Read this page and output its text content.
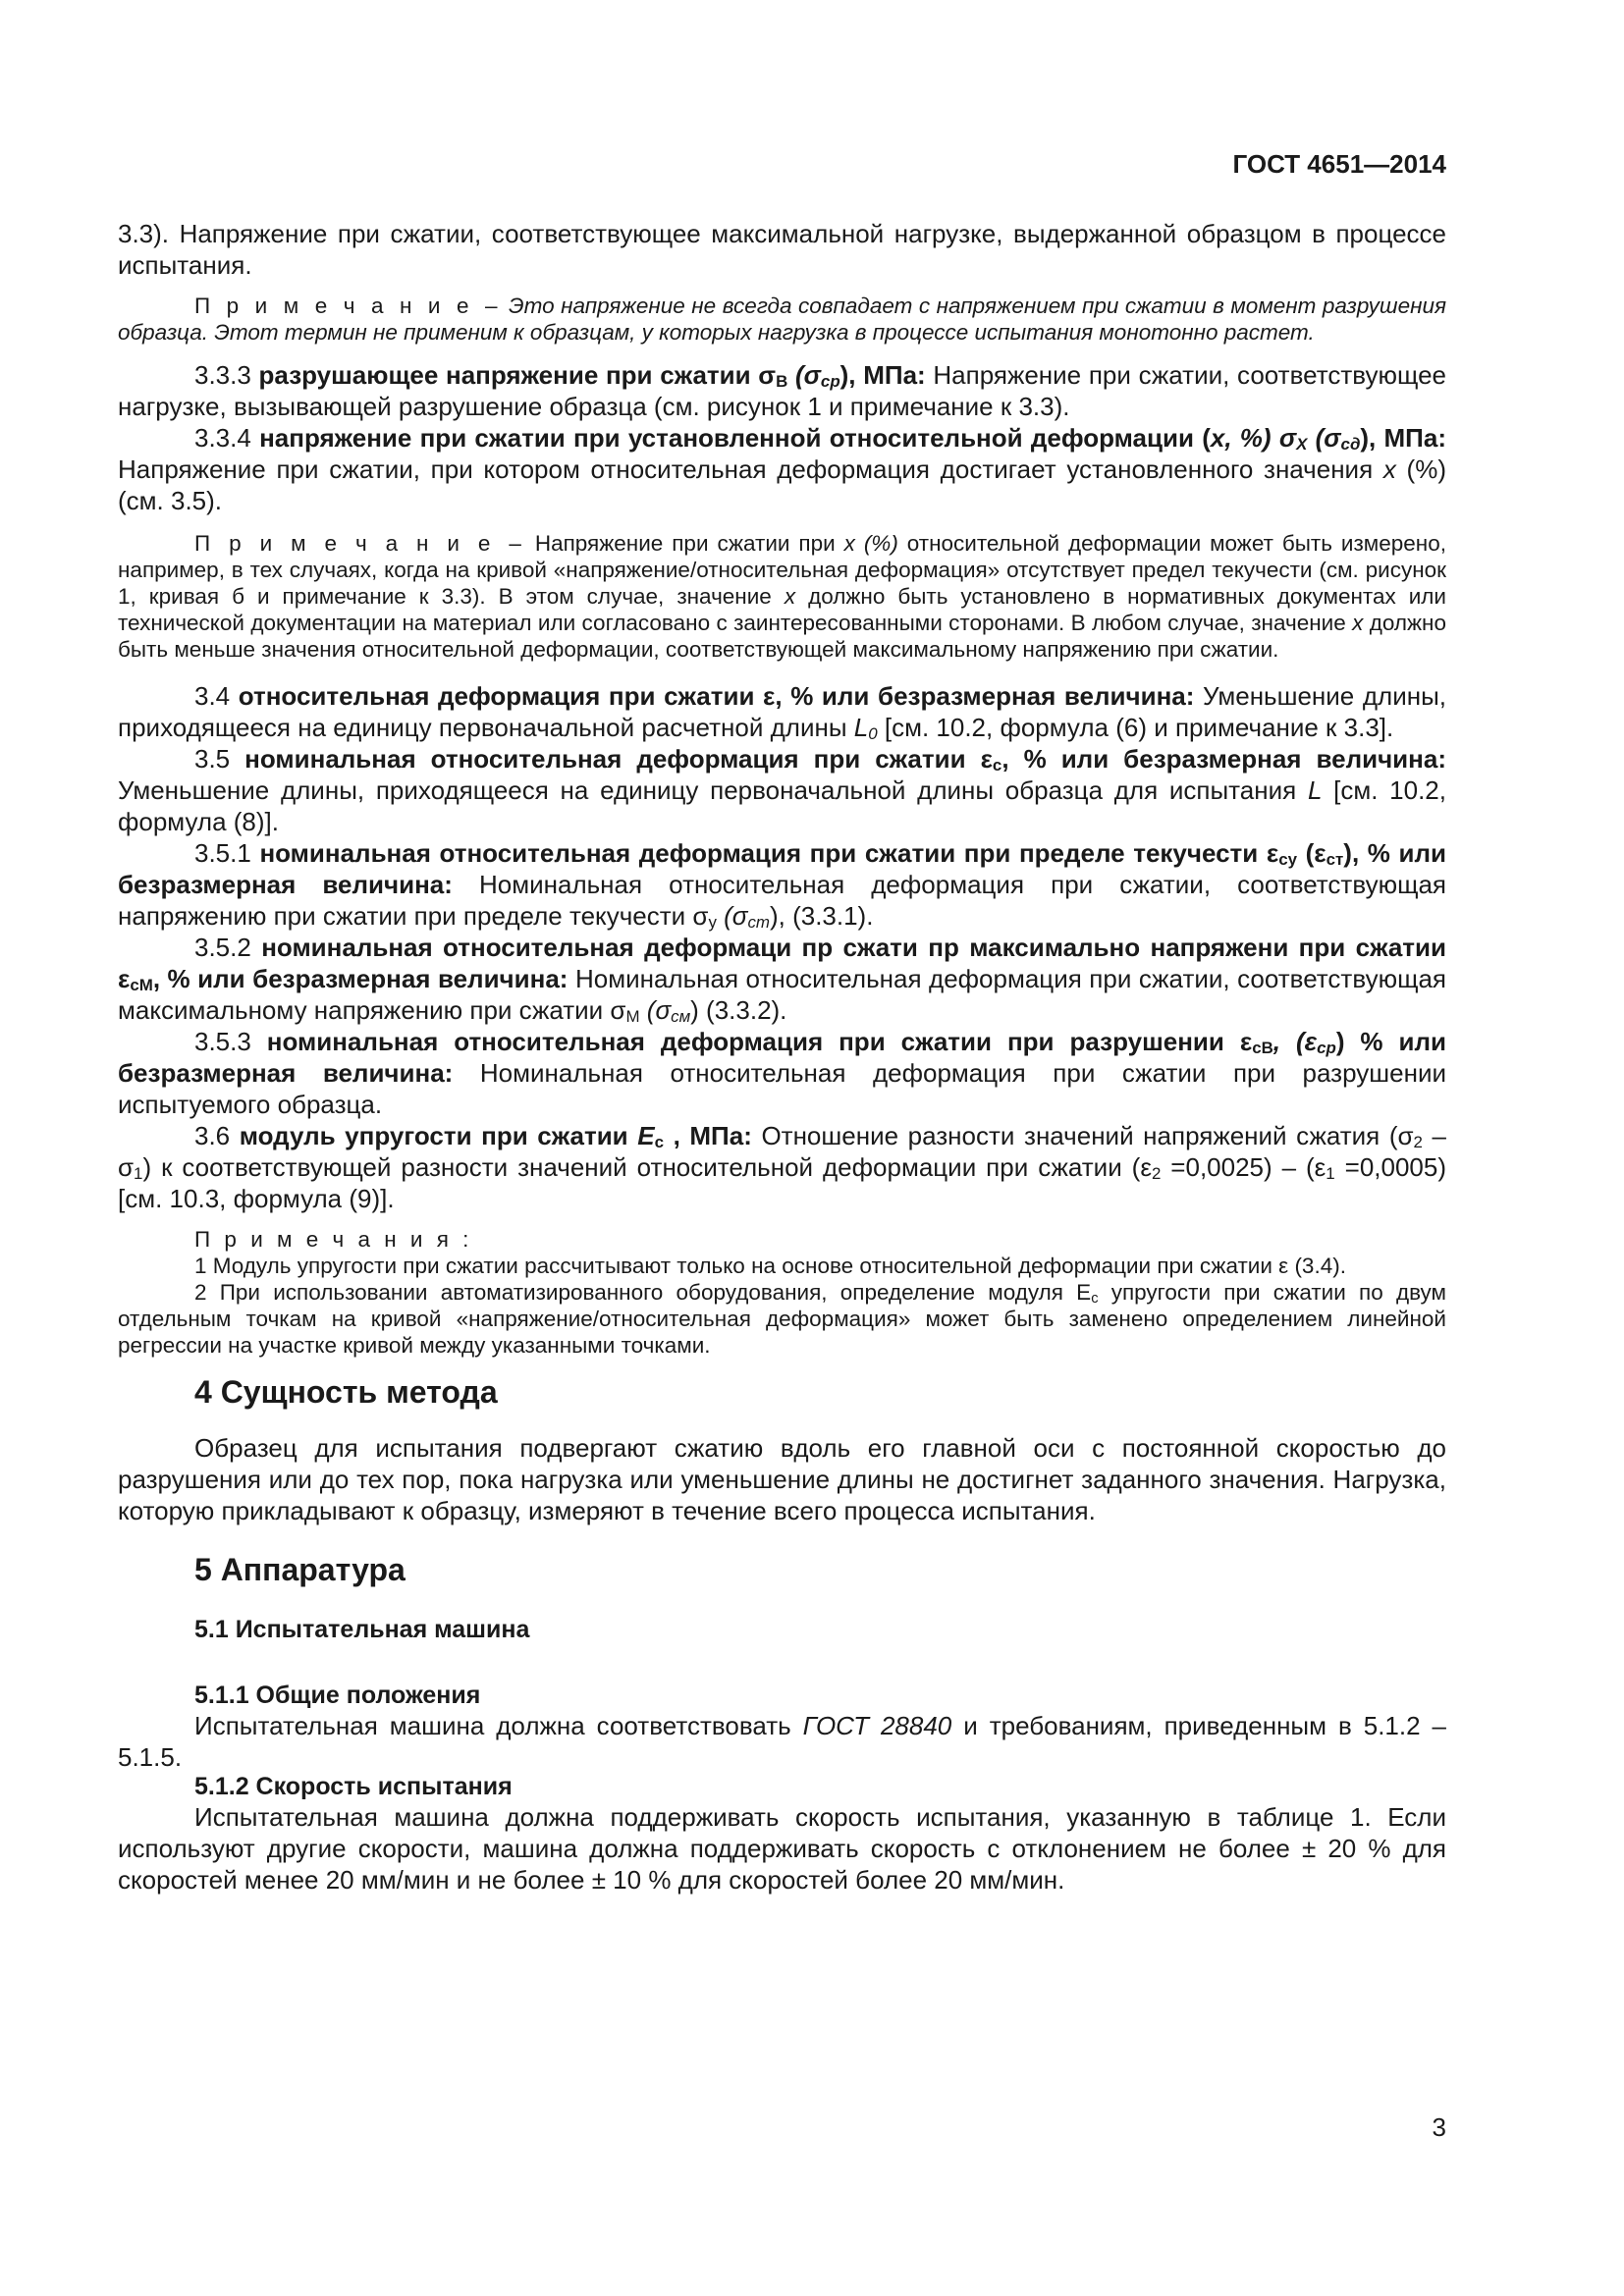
ГОСТ 4651—2014

3.3). Напряжение при сжатии, соответствующее максимальной нагрузке, выдержанной образцом в процессе испытания.

П р и м е ч а н и е – Это напряжение не всегда совпадает с напряжением при сжатии в момент разрушения образца. Этот термин не применим к образцам, у которых нагрузка в процессе испытания монотонно растет.

3.3.3 разрушающее напряжение при сжатии $\sigma_B$ $(\sigma_{ср})$, МПа: Напряжение при сжатии, соответствующее нагрузке, вызывающей разрушение образца (см. рисунок 1 и примечание к 3.3).

3.3.4 напряжение при сжатии при установленной относительной деформации (x, %) $\sigma_X$ $(\sigma_{сд})$, МПа: Напряжение при сжатии, при котором относительная деформация достигает установленного значения x (%) (см. 3.5).

П р и м е ч а н и е – Напряжение при сжатии при x (%) относительной деформации может быть измерено, например, в тех случаях, когда на кривой «напряжение/относительная деформация» отсутствует предел текучести (см. рисунок 1, кривая б и примечание к 3.3). В этом случае, значение x должно быть установлено в нормативных документах или технической документации на материал или согласовано с заинтересованными сторонами. В любом случае, значение x должно быть меньше значения относительной деформации, соответствующей максимальному напряжению при сжатии.

3.4 относительная деформация при сжатии ε, % или безразмерная величина: Уменьшение длины, приходящееся на единицу первоначальной расчетной длины $L_0$ [см. 10.2, формула (6) и примечание к 3.3].

3.5 номинальная относительная деформация при сжатии $\varepsilon_с$, % или безразмерная величина: Уменьшение длины, приходящееся на единицу первоначальной длины образца для испытания L [см. 10.2, формула (8)].

3.5.1 номинальная относительная деформация при сжатии при пределе текучести $\varepsilon_{су}$ $(\varepsilon_{ст})$, % или безразмерная величина: Номинальная относительная деформация при сжатии, соответствующая напряжению при сжатии при пределе текучести $\sigma_у$ $(\sigma_{ст})$, (3.3.1).

3.5.2 номинальная относительная деформаци пр сжати пр максимально напряжени при сжатии $\varepsilon_{сМ}$, % или безразмерная величина: Номинальная относительная деформация при сжатии, соответствующая максимальному напряжению при сжатии $\sigma_М$ $(\sigma_{см})$ (3.3.2).

3.5.3 номинальная относительная деформация при сжатии при разрушении $\varepsilon_{сВ}$, $(\varepsilon_{ср})$ % или безразмерная величина: Номинальная относительная деформация при сжатии при разрушении испытуемого образца.

3.6 модуль упругости при сжатии $E_с$ , МПа: Отношение разности значений напряжений сжатия $(\sigma_2 - \sigma_1)$ к соответствующей разности значений относительной деформации при сжатии $(\varepsilon_2 =0,0025) - (\varepsilon_1 =0,0005)$ [см. 10.3, формула (9)].

П р и м е ч а н и я :

1 Модуль упругости при сжатии рассчитывают только на основе относительной деформации при сжатии ε (3.4).

2 При использовании автоматизированного оборудования, определение модуля $E_с$ упругости при сжатии по двум отдельным точкам на кривой «напряжение/относительная деформация» может быть заменено определением линейной регрессии на участке кривой между указанными точками.

4 Сущность метода

Образец для испытания подвергают сжатию вдоль его главной оси с постоянной скоростью до разрушения или до тех пор, пока нагрузка или уменьшение длины не достигнет заданного значения. Нагрузка, которую прикладывают к образцу, измеряют в течение всего процесса испытания.

5 Аппаратура

5.1 Испытательная машина

5.1.1 Общие положения

Испытательная машина должна соответствовать ГОСТ 28840 и требованиям, приведенным в 5.1.2 – 5.1.5.

5.1.2 Скорость испытания

Испытательная машина должна поддерживать скорость испытания, указанную в таблице 1. Если используют другие скорости, машина должна поддерживать скорость с отклонением не более ± 20 % для скоростей менее 20 мм/мин и не более ± 10 % для скоростей более 20 мм/мин.

3
